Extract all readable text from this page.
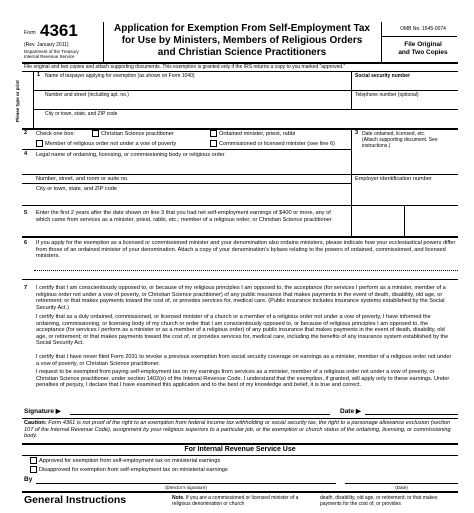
Form 4361
(Rev. January 2011)
Department of the Treasury
Internal Revenue Service
Application for Exemption From Self-Employment Tax
for Use by Ministers, Members of Religious Orders
and Christian Science Practitioners
OMB No. 1545-0074
File Original
and Two Copies
File original and two copies and attach supporting documents. This exemption is granted only if the IRS returns a copy to you marked “approved.”
Please type or print
1 Name of taxpayer applying for exemption (as shown on Form 1040)	Social security number
Number and street (including apt. no.)	Telephone number (optional)
City or town, state, and ZIP code
2 Check one box:	Christian Science practitioner	Ordained minister, priest, rabbi
Member of religious order not under a vow of poverty	Commissioned or licensed minister (see line 6)
3 Date ordained, licensed, etc.
(Attach supporting document. See instructions.)
4 Legal name of ordaining, licensing, or commissioning body or religious order
Number, street, and room or suite no.	Employer identification number
City or town, state, and ZIP code
5 Enter the first 2 years after the date shown on line 3 that you had net self-employment earnings of $400 or more, any of which came from services as a minister, priest, rabbi, etc.; member of a religious order; or Christian Science practitioner
6 If you apply for the exemption as a licensed or commissioned minister and your denomination also ordains ministers, please indicate how your ecclesiastical powers differ from those of an ordained minister of your denomination. Attach a copy of your denomination’s bylaws relating to the powers of ordained, commissioned, and licensed ministers.
7 I certify that I am conscientiously opposed to, or because of my religious principles I am opposed to, the acceptance (for services I perform as a minister, member of a religious order not under a vow of poverty, or Christian Science practitioner) of any public insurance that makes payments in the event of death, disability, old age, or retirement; or that makes payments toward the cost of, or provides services for, medical care. (Public insurance includes insurance systems established by the Social Security Act.)
I certify that as a duly ordained, commissioned, or licensed minister of a church or a member of a religious order not under a vow of poverty, I have informed the ordaining, commissioning, or licensing body of my church or order that I am conscientiously opposed to, or because of religious principles I am opposed to, the acceptance (for services I perform as a minister or as a member of a religious order) of any public insurance that makes payments in the event of death, disability, old age, or retirement; or that makes payments toward the cost of, or provides services for, medical care, including the benefits of any insurance system established by the Social Security Act.
I certify that I have never filed Form 2031 to revoke a previous exemption from social security coverage on earnings as a minister, member of a religious order not under a vow of poverty, or Christian Science practitioner.
I request to be exempted from paying self-employment tax on my earnings from services as a minister, member of a religious order not under a vow of poverty, or Christian Science practitioner, under section 1402(e) of the Internal Revenue Code. I understand that the exemption, if granted, will apply only to these earnings. Under penalties of perjury, I declare that I have examined this application and to the best of my knowledge and belief, it is true and correct.
Signature ▶	Date ▶
Caution: Form 4361 is not proof of the right to an exemption from federal income tax withholding or social security tax, the right to a parsonage allowance exclusion (section 107 of the Internal Revenue Code), assignment by your religious superiors to a particular job, or the exemption or church status of the ordaining, licensing, or commissioning body.
For Internal Revenue Service Use
Approved for exemption from self-employment tax on ministerial earnings
Disapproved for exemption from self-employment tax on ministerial earnings
By
(Director’s signature)	(Date)
General Instructions	Note. If you are a commissioned or licensed minister of a religious denomination or church
death, disability, old age, or retirement; or that makes payments for the cost of, or provides
